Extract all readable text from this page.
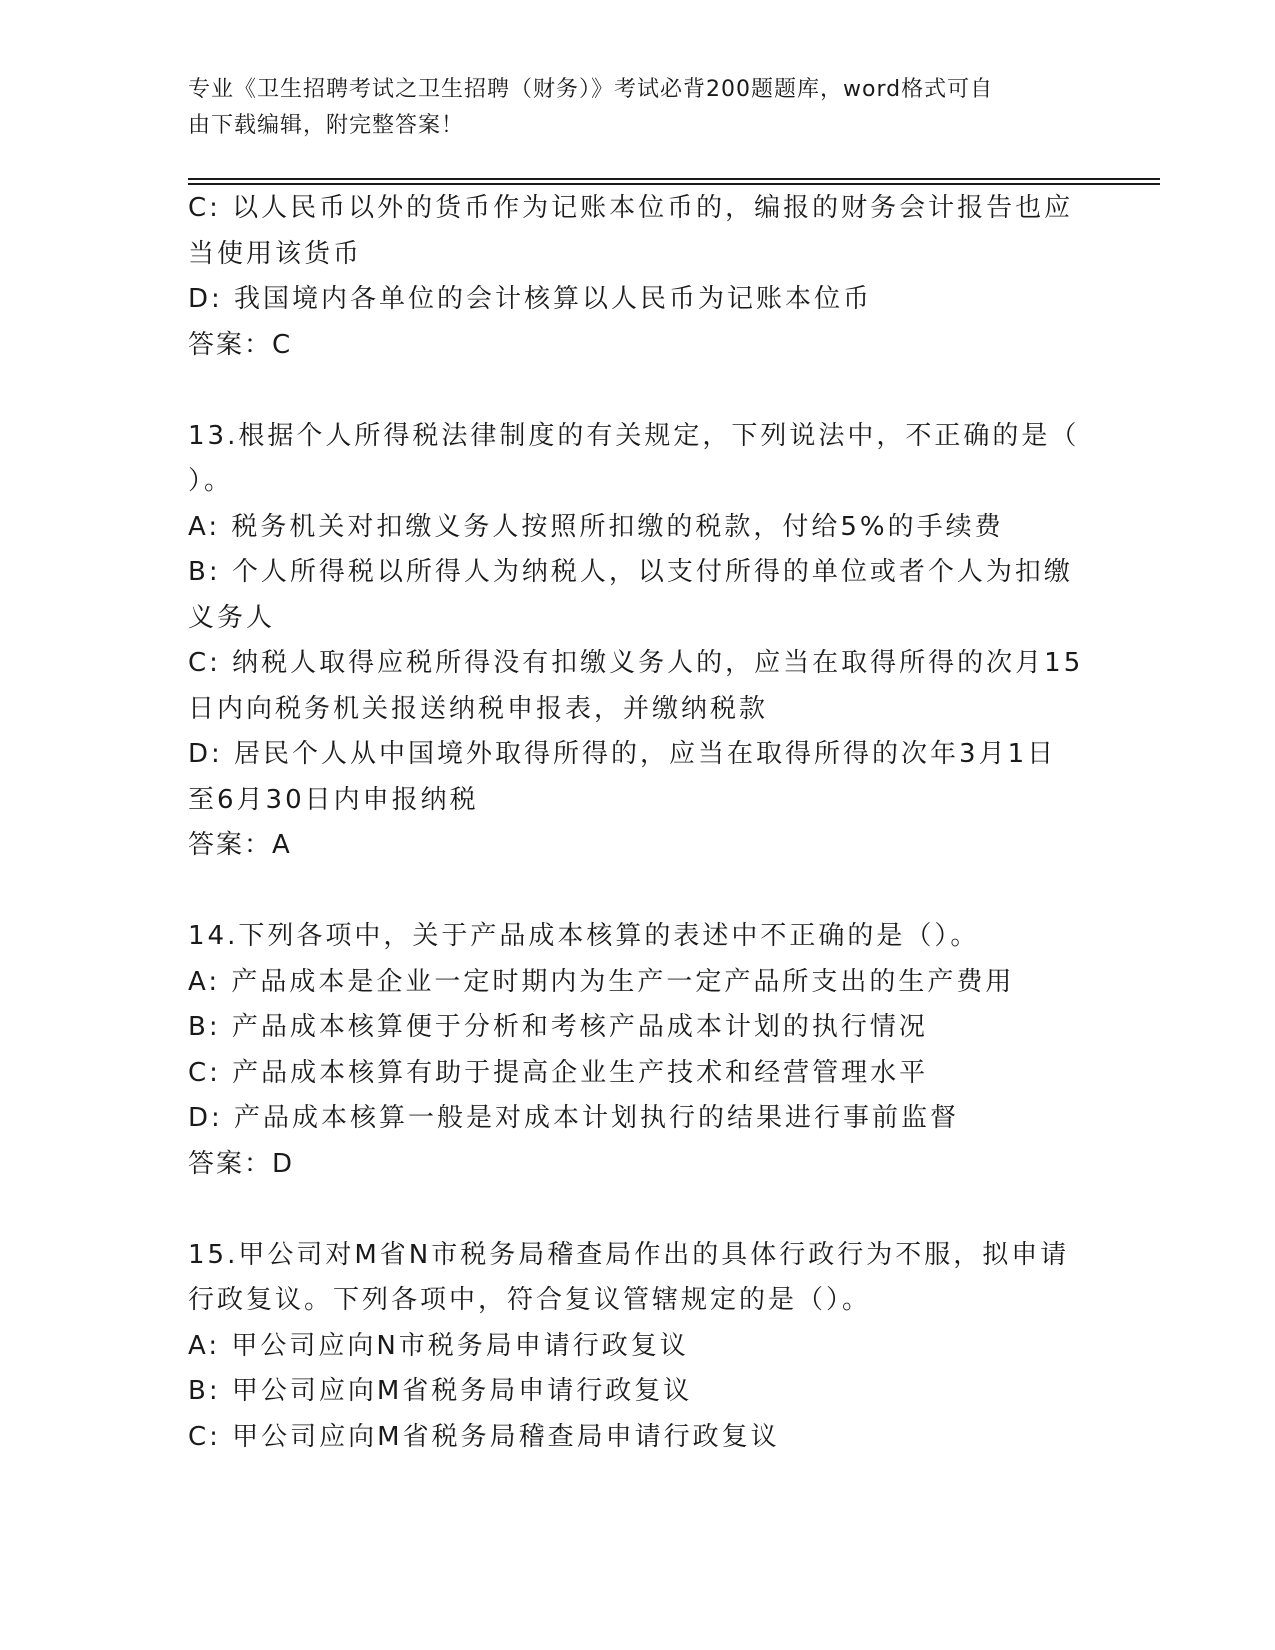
专业《卫生招聘考试之卫生招聘（财务）》考试必背200题题库，word格式可自
由下载编辑，附完整答案！
C: 以人民币以外的货币作为记账本位币的，编报的财务会计报告也应
当使用该货币
D: 我国境内各单位的会计核算以人民币为记账本位币
答案：C
13.根据个人所得税法律制度的有关规定，下列说法中，不正确的是（
）。
A: 税务机关对扣缴义务人按照所扣缴的税款，付给5%的手续费
B: 个人所得税以所得人为纳税人，以支付所得的单位或者个人为扣缴
义务人
C: 纳税人取得应税所得没有扣缴义务人的，应当在取得所得的次月15
日内向税务机关报送纳税申报表，并缴纳税款
D: 居民个人从中国境外取得所得的，应当在取得所得的次年3月1日
至6月30日内申报纳税
答案：A
14.下列各项中，关于产品成本核算的表述中不正确的是（）。
A: 产品成本是企业一定时期内为生产一定产品所支出的生产费用
B: 产品成本核算便于分析和考核产品成本计划的执行情况
C: 产品成本核算有助于提高企业生产技术和经营管理水平
D: 产品成本核算一般是对成本计划执行的结果进行事前监督
答案：D
15.甲公司对M省N市税务局稽查局作出的具体行政行为不服，拟申请
行政复议。下列各项中，符合复议管辖规定的是（）。
A: 甲公司应向N市税务局申请行政复议
B: 甲公司应向M省税务局申请行政复议
C: 甲公司应向M省税务局稽查局申请行政复议
